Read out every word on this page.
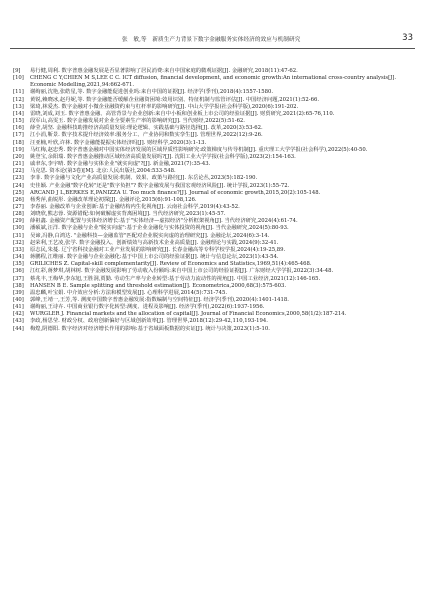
张　敏,等　新质生产力背景下数字金融服务实体经济的效应与机制研究	33
[9]	易行健,周利. 数字普惠金融发展是否显著影响了居民消费:来自中国家庭的微观证据[J]. 金融研究,2018(11):47-62.
[10]	CHENG C Y,CHIEN M S,LEE C C. ICT diffusion, financial development, and economic growth:An international cross-country analysis[J]. Economic Modelling,2021,94:662-671.
[11]	谢绚丽,沈艳,张皓星,等. 数字金融能促进创业吗:来自中国的证据[J]. 经济学(季刊),2018(4):1557-1580.
[12]	黄锐,赖晓冰,赵丹妮,等. 数字金融能否缓解企业融资困境:效用识别、特征机制与监管评估[J]. 中国经济问题,2021(1):52-66.
[13]	梁琦,林爱杰. 数字金融对小微企业融资约束与杠杆率的影响研究[J]. 中山大学学报(社会科学版),2020(6):191-202.
[14]	雷晓,刘成,刘玉. 数字普惠金融、高管背景与企业创新:来自中小板和创业板上市公司的经验证据[J]. 财贸研究,2021(2):65-76,110.
[15]	段军山,高雯玉. 数字金融发展对企业全要素生产率的影响研究[J]. 当代财经,2022(5):51-62.
[16]	薛莹,胡坚. 金融科技助推经济高质量发展:理论逻辑、实践基础与路径选择[J]. 改革,2020(3):53-62.
[17]	江小涓,靳景. 数字技术提升经济效率:服务分工、产业协同和数实孪生[J]. 管理世界,2022(12):9-26.
[18]	汪亚楠,叶欣,许林. 数字金融能提振实体经济吗[J]. 财经科学,2020(3):1-13.
[19]	马红梅,赵忠秀. 数字普惠金融对中国实体经济发展的区域异质性影响研究:政策梯度与传导机制[J]. 重庆理工大学学报(社会科学),2022(5):40-50.
[20]	姚登宝,余阳瑞. 数字普惠金融推动区域经济高质量发展吗?[J]. 沈阳工业大学学报(社会科学版),2023(2):154-163.
[21]	戚聿东,李宇晴. 数字金融与实体企业"就实向虚"?[J]. 新金融,2021(7):35-43.
[22]	马克思. 资本论(第3卷)[M]. 北京:人民出版社,2004:533-548.
[23]	李菲. 数字金融与文化产业高质量发展:机制、效果、政策与路径[J]. 东岳论丛,2023(5):182-190.
[24]	史佳颖. 产业金融"数字化转"还是"数字负担"? 数字金融发展与我国宏观经济风险[J]. 统计学报,2023(1):55-72.
[25]	ARCAND J L,BERKES E,PANIZZA U. Too much finance?[J]. Journal of economic growth,2015,20(2):105-148.
[26]	杨秀萍,曲锐彤. 金融改革理论初探[J]. 金融评论,2015(6):91-108,126.
[27]	李春丽. 金融改革与企业创新:基于金融结构内生化视角[J]. 云南社会科学,2019(4):43-52.
[28]	刘晓欣,熊志蓉. 资源错配:如何破解虚实背离困境[J]. 当代经济研究,2023(1):45-57.
[29]	薛祖鑫. 金融资产配置与实体经济增长:基于"实体经济—虚拟经济"分析框架视角[J]. 当代经济研究,2024(4):61-74.
[30]	潘硕斌,汪洋. 数字金融与企业"脱实向虚":基于企业金融化与实体投资的视角[J]. 当代金融研究,2024(5):80-93.
[31]	吴谛,冯静,白鸿达. "金融科技—金融监管"匹配对企业脱实向虚的治理研究[J]. 金融论坛,2024(6):3-14.
[32]	赵荣利,王艺凌,张学. 数字金融投入、创新绩效与高新技术企业高质量[J]. 金融理论与实践,2024(9):32-41.
[33]	原志民,朱蔓. 辽宁省科技金融对工业产业发展的影响研究[J]. 长春金融高等专科学校学报,2024(4):19-25,89.
[34]	蒋鹏程,江维丽. 数字金融与企业金融化:基于中国上市公司的经验证据[J]. 统计与信息论坛,2023(1):43-54.
[35]	GRILICHES Z. Capital-skill complementarity[J]. Review of Economics and Statistics,1969,51(4):465-468.
[36]	江红彩,蒋梦琪,胡林树. 数字金融发展影响了劳动收入份额吗:来自中国上市公司的经验证据[J]. 广东财经大学学报,2022(3):34-48.
[37]	蔡兆丰,王梅华,李东旭,王胜洞,贾勤. 劳动生产率与企业转型:基于劳动力流动性的视角[J]. 中国工业经济,2021(12):146-165.
[38]	HANSEN B E. Sample splitting and threshold estimation[J]. Econometrica,2000,68(3):575-603.
[39]	温忠麟,叶宝娟. 中介效应分析:方法和模型发展[J]. 心理科学进展,2014(5):731-745.
[40]	郭峰,王靖一,王芳,等. 测度中国数字普惠金融发展:指数编制与空间特征[J]. 经济学(季刊),2020(4):1401-1418.
[41]	谢绚丽,王诗卉. 中国商业银行数字化转型:测度、进程及影响[J]. 经济学(季刊),2022(6):1937-1956.
[42]	WURGLER J. Financial markets and the allocation of capital[J]. Journal of Financial Economics,2000,58(1/2):187-214.
[43]	李政,杨思莹. 财政分权、政府创新偏好与区域创新效率[J]. 管理世界,2018(12):29-42,110,193-194.
[44]	梅煌,阴德阳. 数字经济对经济增长作用的影响:基于省域面板数据的实证[J]. 统计与决策,2023(1):5-10.
